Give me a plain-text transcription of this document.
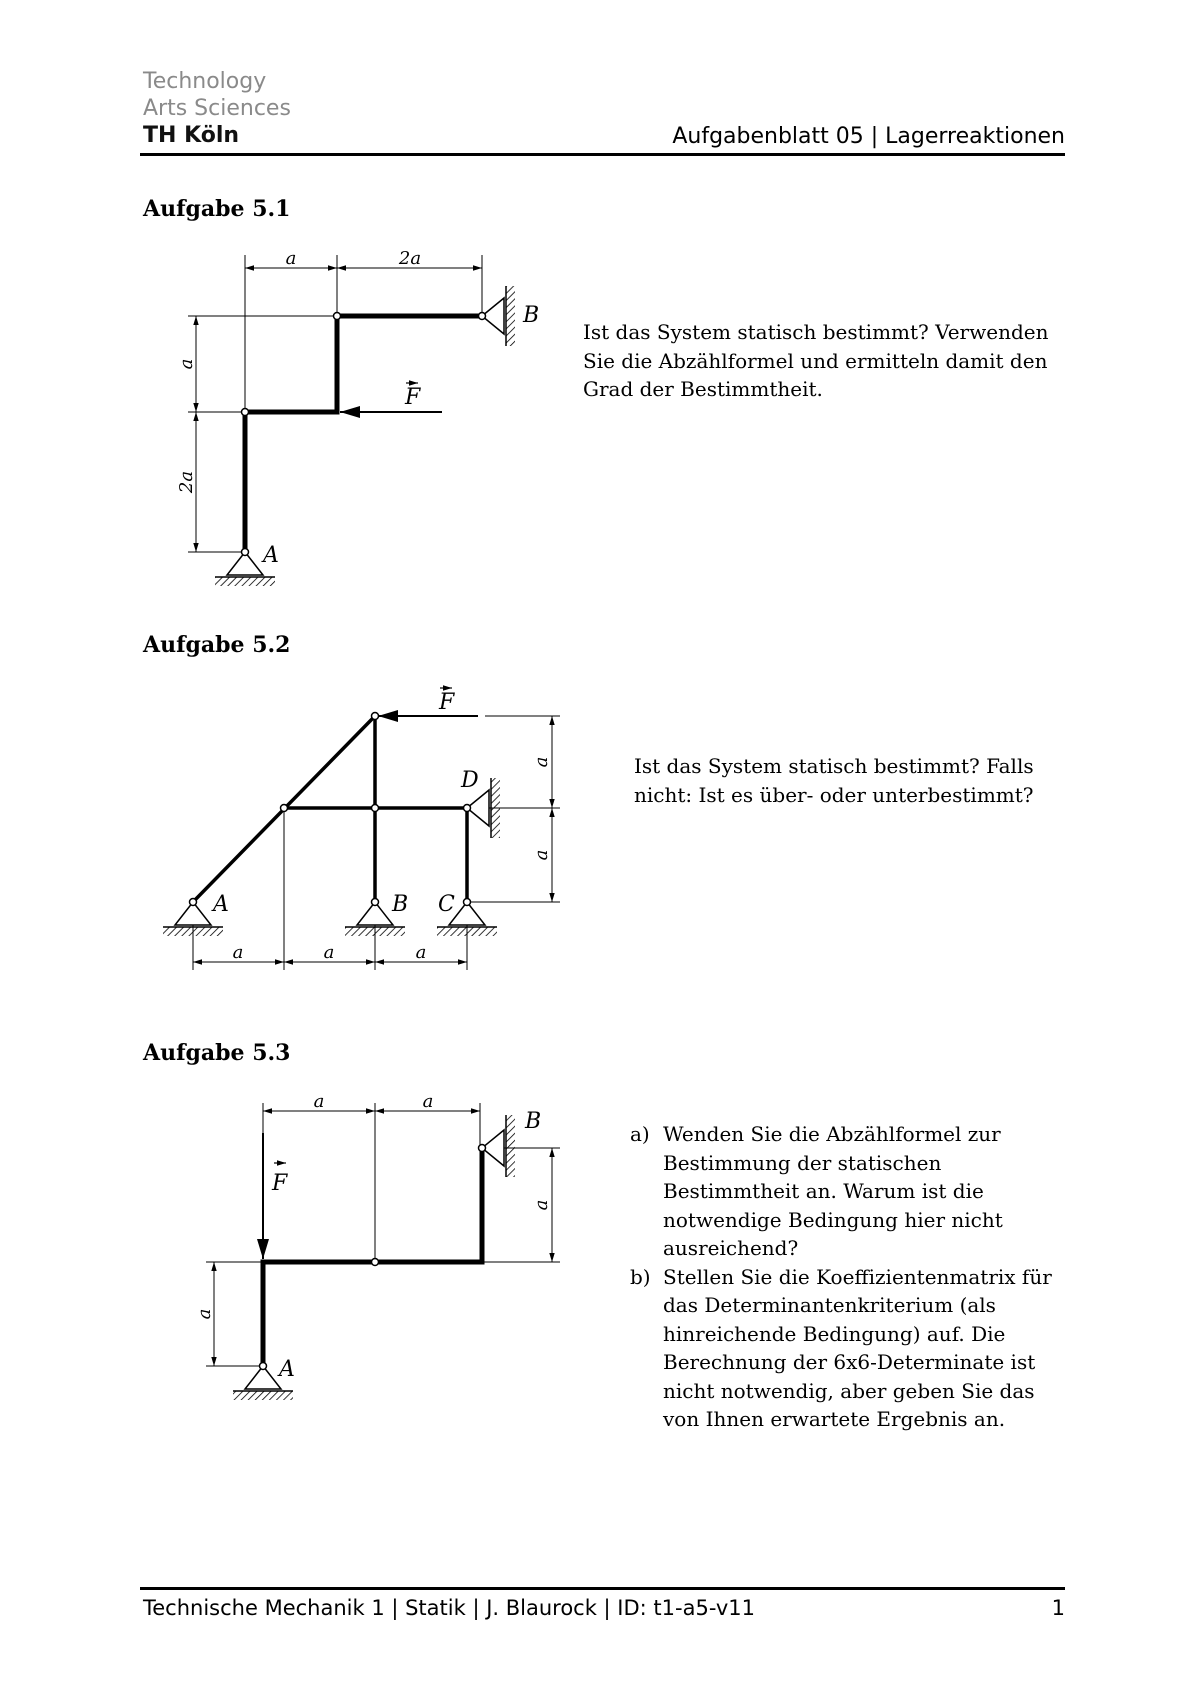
Technology
Arts Sciences
TH Köln	Aufgabenblatt 05 | Lagerreaktionen
Aufgabe 5.1
Aufgabe 5.2
Aufgabe 5.3
Ist das System statisch bestimmt? Verwenden Sie die Abzählformel und ermitteln damit den Grad der Bestimmtheit.
Ist das System statisch bestimmt? Falls nicht: Ist es über- oder unterbestimmt?
a) Wenden Sie die Abzählformel zur Bestimmung der statischen Bestimmtheit an. Warum ist die notwendige Bedingung hier nicht ausreichend?
b) Stellen Sie die Koeffizientenmatrix für das Determinantenkriterium (als hinreichende Bedingung) auf. Die Berechnung der 6x6-Determinate ist nicht notwendig, aber geben Sie das von Ihnen erwartete Ergebnis an.
a	2a
a
2a
A
B
F
a	a	a
a
a
A	B C
D
F
a	a
a
a
A
B
F
Technische Mechanik 1 | Statik | J. Blaurock | ID: t1-a5-v11	1
